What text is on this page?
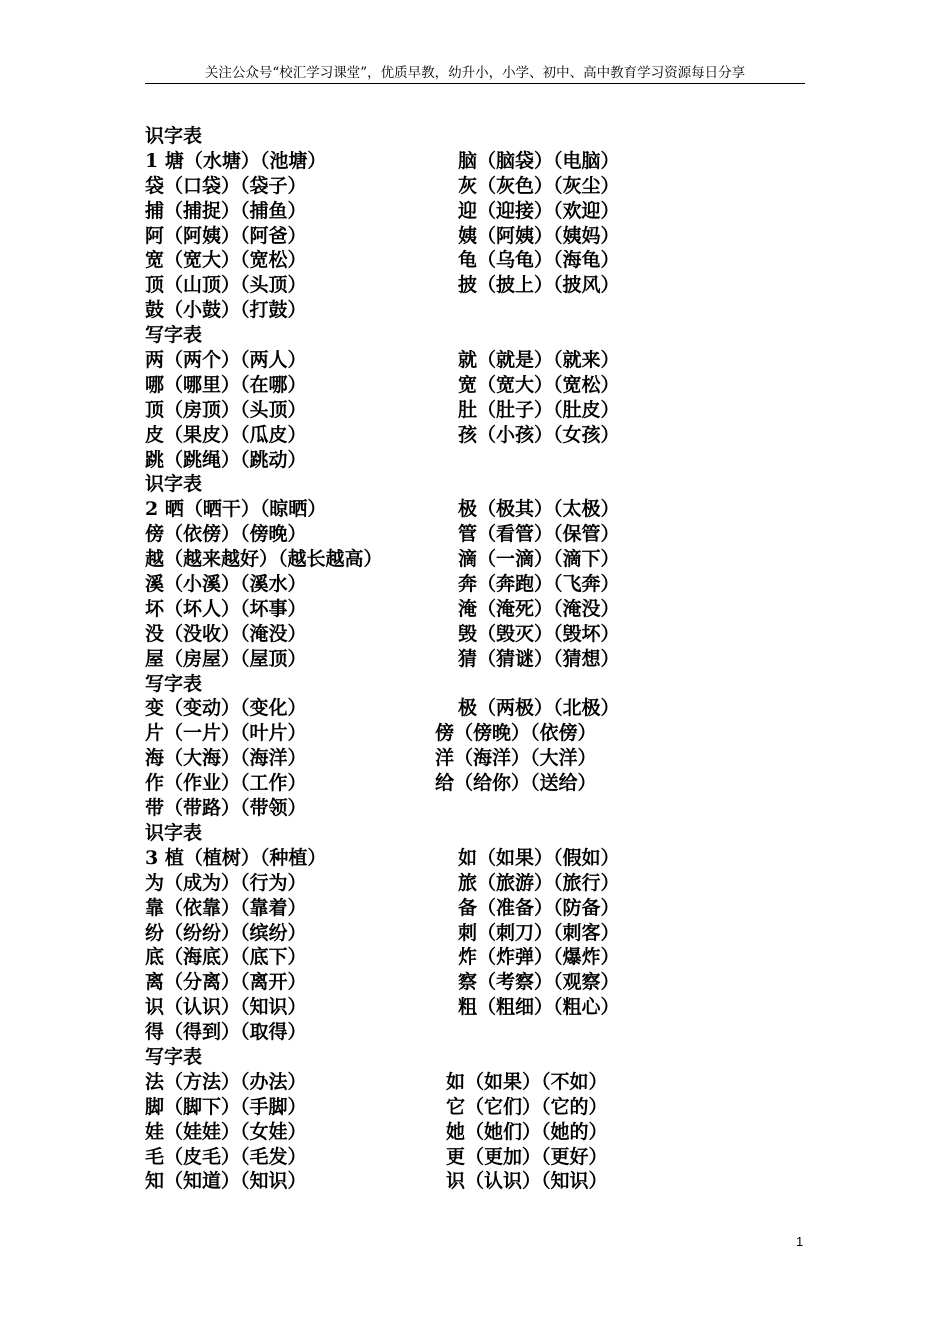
关注公众号“校汇学习课堂”，优质早教，幼升小，小学、初中、高中教育学习资源每日分享
识字表
1 塘（水塘）（池塘）	脑（脑袋）（电脑）
袋（口袋）（袋子）	灰（灰色）（灰尘）
捕（捕捉）（捕鱼）	迎（迎接）（欢迎）
阿（阿姨）（阿爸）	姨（阿姨）（姨妈）
宽（宽大）（宽松）	龟（乌龟）（海龟）
顶（山顶）（头顶）	披（披上）（披风）
鼓（小鼓）（打鼓）
写字表
两（两个）（两人）	就（就是）（就来）
哪（哪里）（在哪）	宽（宽大）（宽松）
顶（房顶）（头顶）	肚（肚子）（肚皮）
皮（果皮）（瓜皮）	孩（小孩）（女孩）
跳（跳绳）（跳动）
识字表
2 晒（晒干）（晾晒）	极（极其）（太极）
傍（依傍）（傍晚）	管（看管）（保管）
越（越来越好）（越长越高）	滴（一滴）（滴下）
溪（小溪）（溪水）	奔（奔跑）（飞奔）
坏（坏人）（坏事）	淹（淹死）（淹没）
没（没收）（淹没）	毁（毁灭）（毁坏）
屋（房屋）（屋顶）	猜（猜谜）（猜想）
写字表
变（变动）（变化）	极（两极）（北极）
片（一片）（叶片）	傍（傍晚）（依傍）
海（大海）（海洋）	洋（海洋）（大洋）
作（作业）（工作）	给（给你）（送给）
带（带路）（带领）
识字表
3 植（植树）（种植）	如（如果）（假如）
为（成为）（行为）	旅（旅游）（旅行）
靠（依靠）（靠着）	备（准备）（防备）
纷（纷纷）（缤纷）	刺（刺刀）（刺客）
底（海底）（底下）	炸（炸弹）（爆炸）
离（分离）（离开）	察（考察）（观察）
识（认识）（知识）	粗（粗细）（粗心）
得（得到）（取得）
写字表
法（方法）（办法）	如（如果）（不如）
脚（脚下）（手脚）	它（它们）（它的）
娃（娃娃）（女娃）	她（她们）（她的）
毛（皮毛）（毛发）	更（更加）（更好）
知（知道）（知识）	识（认识）（知识）
1
